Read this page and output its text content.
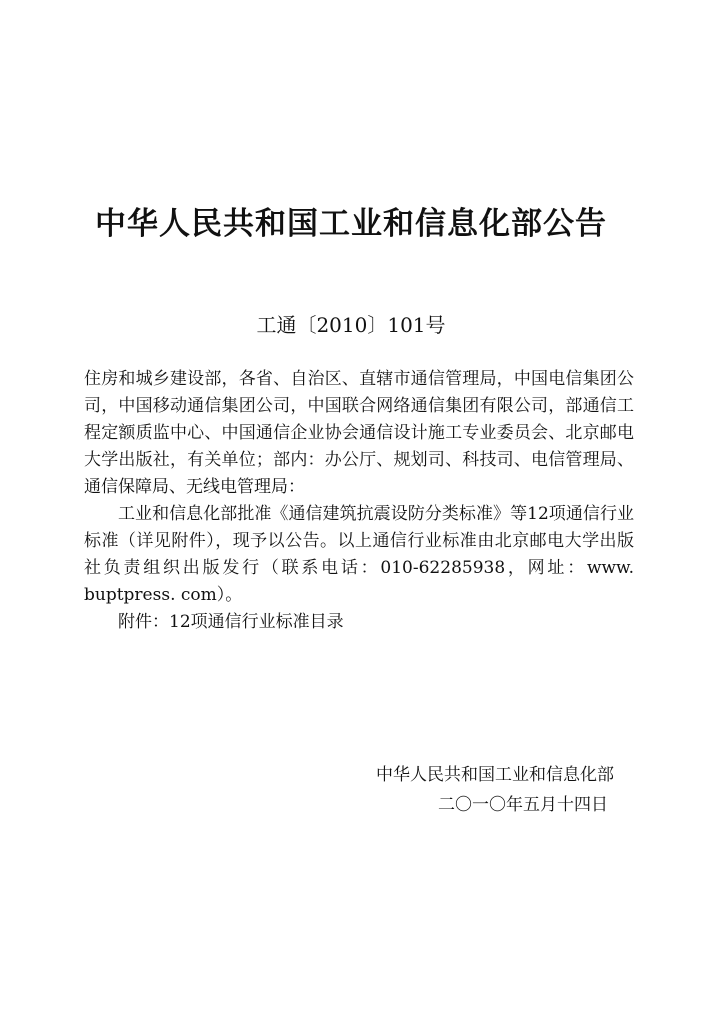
中华人民共和国工业和信息化部公告
工通〔2010〕101号

住房和城乡建设部，各省、自治区、直辖市通信管理局，中国电信集团公司，中国移动通信集团公司，中国联合网络通信集团有限公司，部通信工程定额质监中心、中国通信企业协会通信设计施工专业委员会、北京邮电大学出版社，有关单位；部内：办公厅、规划司、科技司、电信管理局、通信保障局、无线电管理局：

工业和信息化部批准《通信建筑抗震设防分类标准》等12项通信行业标准（详见附件），现予以公告。以上通信行业标准由北京邮电大学出版社负责组织出版发行（联系电话：010-62285938，网址：www. buptpress. com）。

附件：12项通信行业标准目录

中华人民共和国工业和信息化部
二〇一〇年五月十四日
